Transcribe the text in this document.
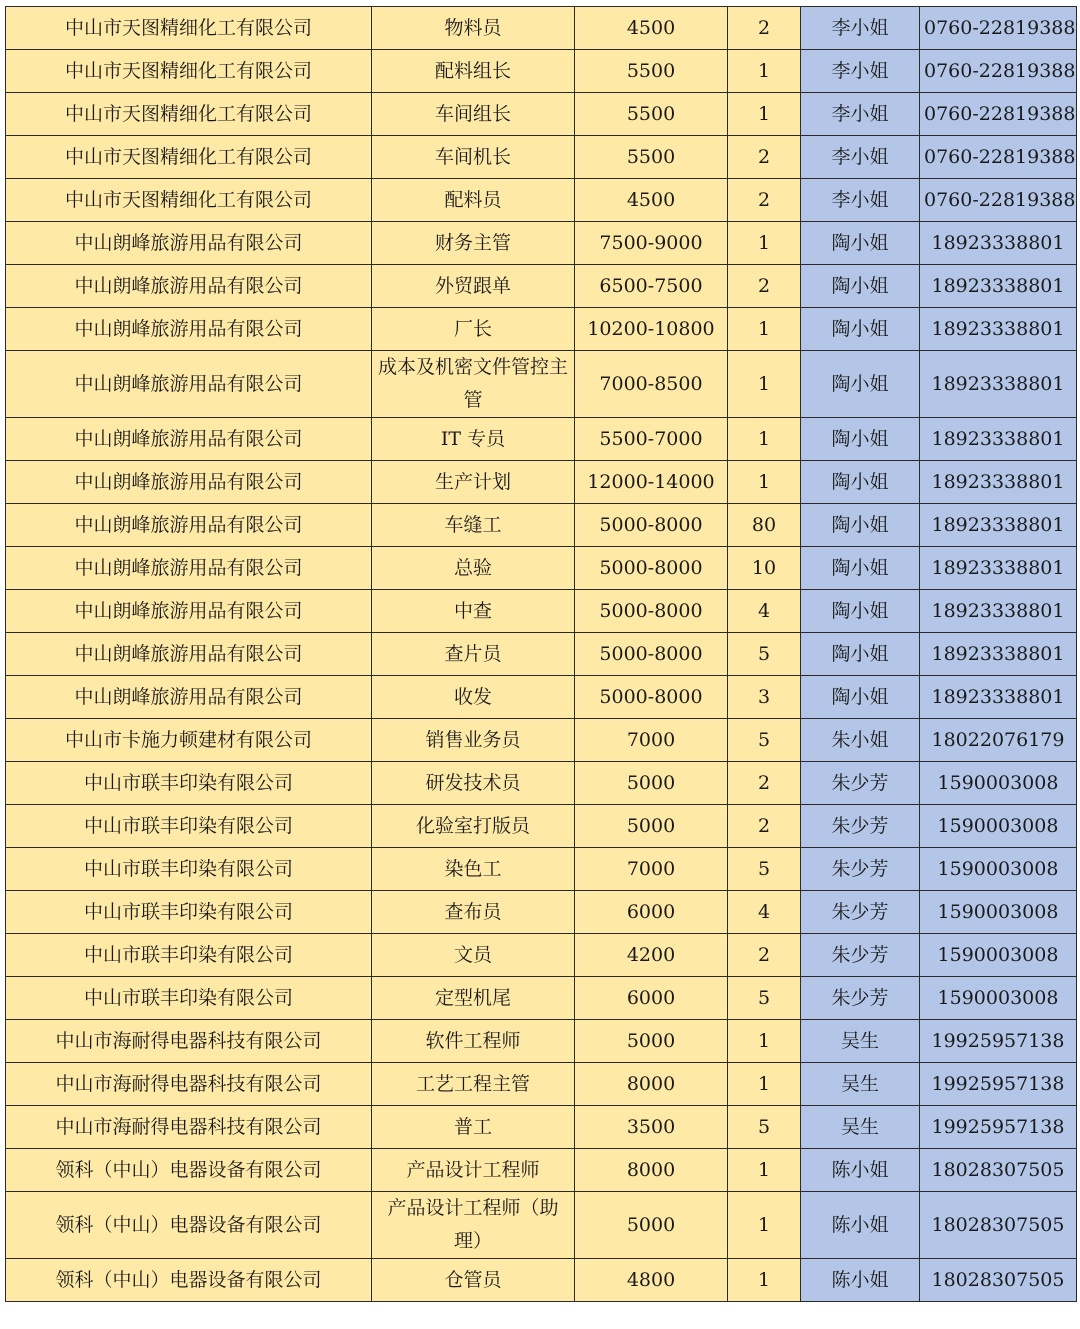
中山市天图精细化工有限公司	物料员	4500	2	李小姐	0760-22819388
中山市天图精细化工有限公司	配料组长	5500	1	李小姐	0760-22819388
中山市天图精细化工有限公司	车间组长	5500	1	李小姐	0760-22819388
中山市天图精细化工有限公司	车间机长	5500	2	李小姐	0760-22819388
中山市天图精细化工有限公司	配料员	4500	2	李小姐	0760-22819388
中山朗峰旅游用品有限公司	财务主管	7500-9000	1	陶小姐	18923338801
中山朗峰旅游用品有限公司	外贸跟单	6500-7500	2	陶小姐	18923338801
中山朗峰旅游用品有限公司	厂长	10200-10800	1	陶小姐	18923338801
中山朗峰旅游用品有限公司	成本及机密文件管控主管	7000-8500	1	陶小姐	18923338801
中山朗峰旅游用品有限公司	IT 专员	5500-7000	1	陶小姐	18923338801
中山朗峰旅游用品有限公司	生产计划	12000-14000	1	陶小姐	18923338801
中山朗峰旅游用品有限公司	车缝工	5000-8000	80	陶小姐	18923338801
中山朗峰旅游用品有限公司	总验	5000-8000	10	陶小姐	18923338801
中山朗峰旅游用品有限公司	中查	5000-8000	4	陶小姐	18923338801
中山朗峰旅游用品有限公司	查片员	5000-8000	5	陶小姐	18923338801
中山朗峰旅游用品有限公司	收发	5000-8000	3	陶小姐	18923338801
中山市卡施力顿建材有限公司	销售业务员	7000	5	朱小姐	18022076179
中山市联丰印染有限公司	研发技术员	5000	2	朱少芳	1590003008
中山市联丰印染有限公司	化验室打版员	5000	2	朱少芳	1590003008
中山市联丰印染有限公司	染色工	7000	5	朱少芳	1590003008
中山市联丰印染有限公司	查布员	6000	4	朱少芳	1590003008
中山市联丰印染有限公司	文员	4200	2	朱少芳	1590003008
中山市联丰印染有限公司	定型机尾	6000	5	朱少芳	1590003008
中山市海耐得电器科技有限公司	软件工程师	5000	1	吴生	19925957138
中山市海耐得电器科技有限公司	工艺工程主管	8000	1	吴生	19925957138
中山市海耐得电器科技有限公司	普工	3500	5	吴生	19925957138
领科（中山）电器设备有限公司	产品设计工程师	8000	1	陈小姐	18028307505
领科（中山）电器设备有限公司	产品设计工程师（助理）	5000	1	陈小姐	18028307505
领科（中山）电器设备有限公司	仓管员	4800	1	陈小姐	18028307505
